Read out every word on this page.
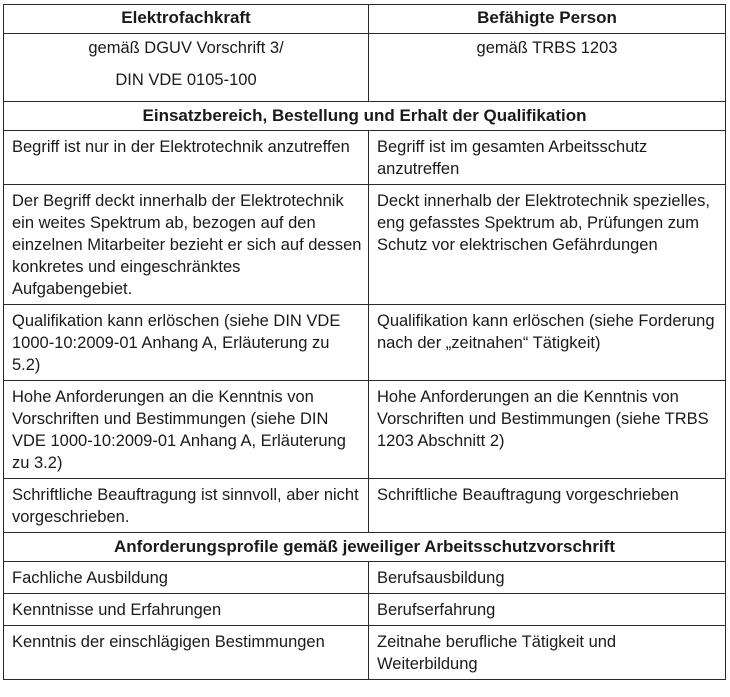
Elektrofachkraft	Befähigte Person

gemäß DGUV Vorschrift 3/
DIN VDE 0105-100	gemäß TRBS 1203
Einsatzbereich, Bestellung und Erhalt der Qualifikation	
Begriff ist nur in der Elektrotechnik anzutreffen	Begriff ist im gesamten Arbeitsschutz anzutreffen
Der Begriff deckt innerhalb der Elektrotechnik ein weites Spektrum ab, bezogen auf den einzelnen Mitarbeiter bezieht er sich auf dessen konkretes und eingeschränktes Aufgabengebiet.	Deckt innerhalb der Elektrotechnik spezielles, eng gefasstes Spektrum ab, Prüfungen zum Schutz vor elektrischen Gefährdungen
Qualifikation kann erlöschen (siehe DIN VDE 1000-10:2009-01 Anhang A, Erläuterung zu 5.2)	Qualifikation kann erlöschen (siehe Forderung nach der „zeitnahen“ Tätigkeit)
Hohe Anforderungen an die Kenntnis von Vorschriften und Bestimmungen (siehe DIN VDE 1000-10:2009-01 Anhang A, Erläuterung zu 3.2)	Hohe Anforderungen an die Kenntnis von Vorschriften und Bestimmungen (siehe TRBS 1203 Abschnitt 2)
Schriftliche Beauftragung ist sinnvoll, aber nicht vorgeschrieben.	Schriftliche Beauftragung vorgeschrieben
Anforderungsprofile gemäß jeweiliger Arbeitsschutzvorschrift	
Fachliche Ausbildung	Berufsausbildung
Kenntnisse und Erfahrungen	Berufserfahrung
Kenntnis der einschlägigen Bestimmungen	Zeitnahe berufliche Tätigkeit und Weiterbildung
